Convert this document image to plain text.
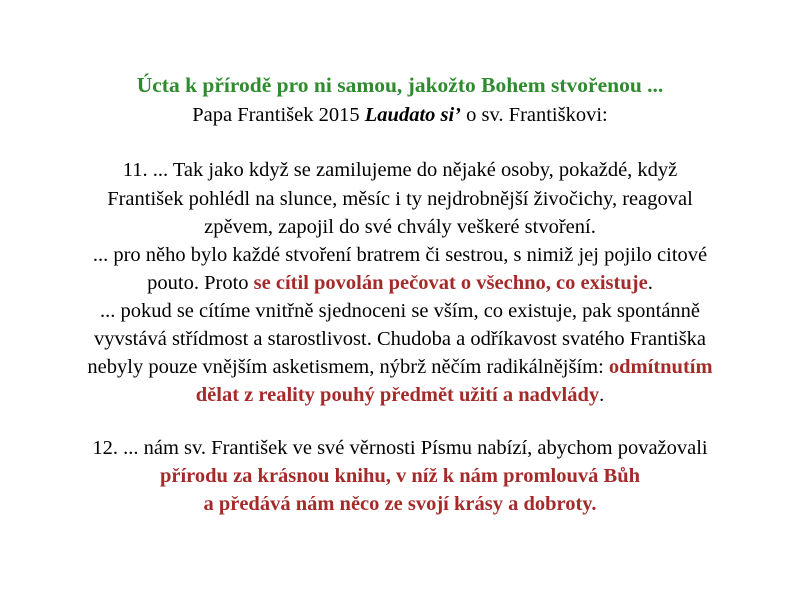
Úcta k přírodě pro ni samou, jakožto Bohem stvořenou ...
Papa František 2015 Laudato si’ o sv. Františkovi:
11. ... Tak jako když se zamilujeme do nějaké osoby, pokaždé, když
František pohlédl na slunce, měsíc i ty nejdrobnější živočichy, reagoval
zpěvem, zapojil do své chvály veškeré stvoření.
... pro něho bylo každé stvoření bratrem či sestrou, s nimiž jej pojilo citové
pouto. Proto se cítil povolán pečovat o všechno, co existuje.
... pokud se cítíme vnitřně sjednoceni se vším, co existuje, pak spontánně
vyvstává střídmost a starostlivost. Chudoba a odříkavost svatého Františka
nebyly pouze vnějším asketismem, nýbrž něčím radikálnějším: odmítnutím
dělat z reality pouhý předmět užití a nadvlády.
12. ... nám sv. František ve své věrnosti Písmu nabízí, abychom považovali
přírodu za krásnou knihu, v níž k nám promlouvá Bůh
a předává nám něco ze svojí krásy a dobroty.
